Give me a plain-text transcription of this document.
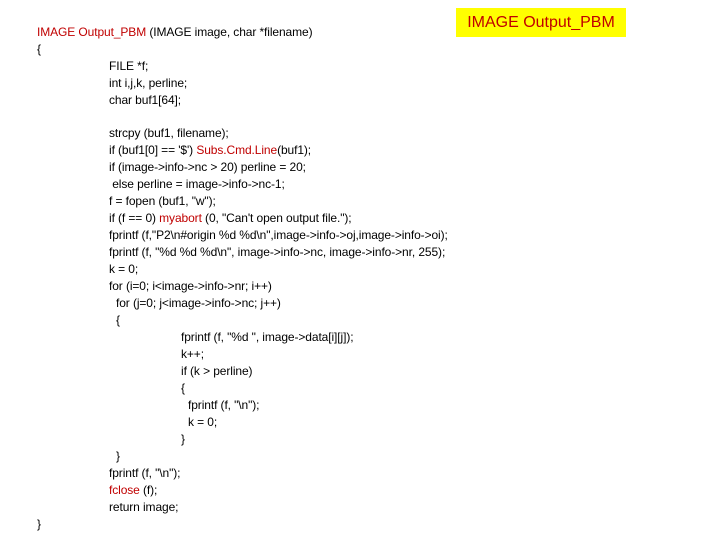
IMAGE Output_PBM
IMAGE Output_PBM (IMAGE image, char *filename)
{
FILE *f;
int i,j,k, perline;
char buf1[64];
strcpy (buf1, filename);
if (buf1[0] == '$') Subs.Cmd.Line(buf1);
if (image->info->nc > 20) perline = 20;
else perline = image->info->nc-1;
f = fopen (buf1, "w");
if (f == 0) myabort (0, "Can't open output file.");
fprintf (f,"P2\n#origin %d %d\n",image->info->oj,image->info->oi);
fprintf (f, "%d %d %d\n", image->info->nc, image->info->nr, 255);
k = 0;
for (i=0; i<image->info->nr; i++)
for (j=0; j<image->info->nc; j++)
{
fprintf (f, "%d ", image->data[i][j]);
k++;
if (k > perline)
{
fprintf (f, "\n");
k = 0;
}
}
fprintf (f, "\n");
fclose (f);
return image;
}
